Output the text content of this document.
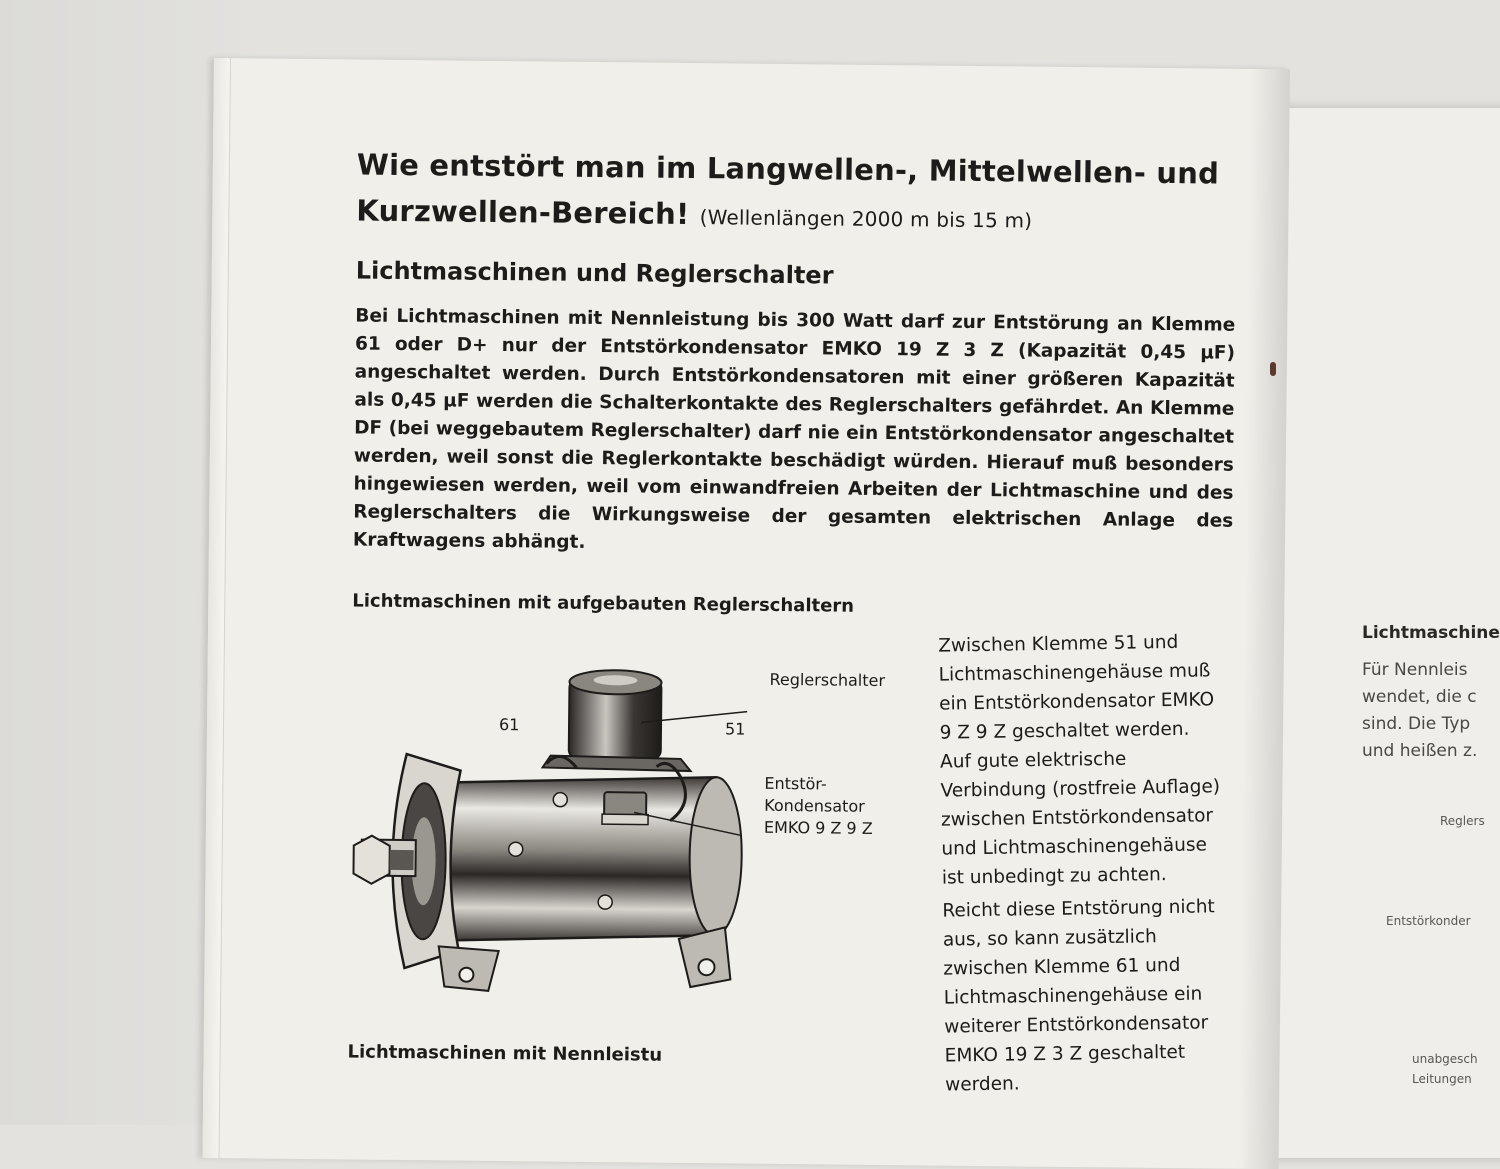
Lichtmaschine
Für Nennleis
wendet, die c
sind. Die Typ
und heißen z.
Reglers
Entstörkonder
unabgesch
Leitungen
Wie entstört man im Langwellen-, Mittelwellen- und Kurzwellen-Bereich! (Wellenlängen 2000 m bis 15 m)
Lichtmaschinen und Reglerschalter

Bei Lichtmaschinen mit Nennleistung bis 300 Watt darf zur Entstörung an Klemme 61 oder D+ nur der Entstörkondensator EMKO 19 Z 3 Z (Kapazität 0,45 µF) angeschaltet werden. Durch Entstörkondensatoren mit einer größeren Kapazität als 0,45 µF werden die Schalterkontakte des Reglerschalters gefährdet. An Klemme DF (bei weggebautem Reglerschalter) darf nie ein Entstörkondensator angeschaltet werden, weil sonst die Reglerkontakte beschädigt würden. Hierauf muß besonders hingewiesen werden, weil vom einwandfreien Arbeiten der Lichtmaschine und des Reglerschalters die Wirkungsweise der gesamten elektrischen Anlage des Kraftwagens abhängt.

Lichtmaschinen mit aufgebauten Reglerschaltern
61	51
Reglerschalter
Entstör-
Kondensator
EMKO 9 Z 9 Z

Zwischen Klemme 51 und Lichtmaschinengehäuse muß ein Entstörkondensator EMKO 9 Z 9 Z geschaltet werden. Auf gute elektrische Verbindung (rostfreie Auflage) zwischen Entstörkondensator und Lichtmaschinengehäuse ist unbedingt zu achten.

Reicht diese Entstörung nicht aus, so kann zusätzlich zwischen Klemme 61 und Lichtmaschinengehäuse ein weiterer Entstörkondensator EMKO 19 Z 3 Z geschaltet werden.

Lichtmaschinen mit Nennleistu
